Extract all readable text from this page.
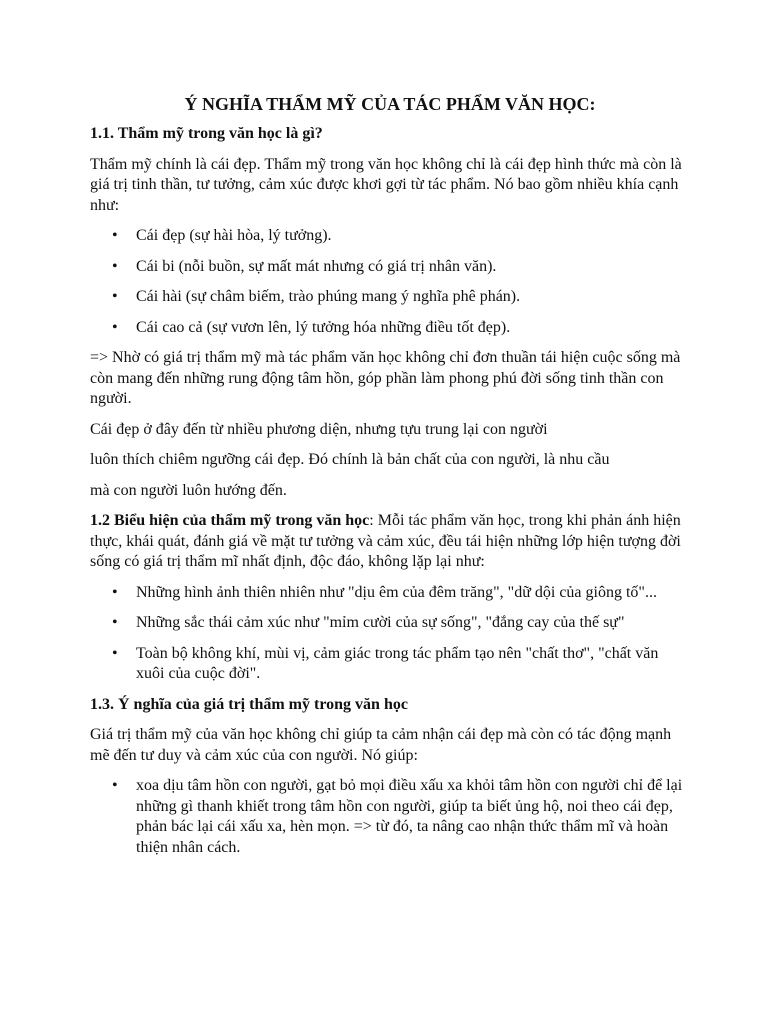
Ý NGHĨA THẨM MỸ CỦA TÁC PHẨM VĂN HỌC:

1.1. Thẩm mỹ trong văn học là gì?

Thẩm mỹ chính là cái đẹp. Thẩm mỹ trong văn học không chỉ là cái đẹp hình thức mà còn là giá trị tinh thần, tư tưởng, cảm xúc được khơi gợi từ tác phẩm. Nó bao gồm nhiều khía cạnh như:

• Cái đẹp (sự hài hòa, lý tưởng).
• Cái bi (nỗi buồn, sự mất mát nhưng có giá trị nhân văn).
• Cái hài (sự châm biếm, trào phúng mang ý nghĩa phê phán).
• Cái cao cả (sự vươn lên, lý tưởng hóa những điều tốt đẹp).

=> Nhờ có giá trị thẩm mỹ mà tác phẩm văn học không chỉ đơn thuần tái hiện cuộc sống mà còn mang đến những rung động tâm hồn, góp phần làm phong phú đời sống tinh thần con người.

Cái đẹp ở đây đến từ nhiều phương diện, nhưng tựu trung lại con người

luôn thích chiêm ngưỡng cái đẹp. Đó chính là bản chất của con người, là nhu cầu

mà con người luôn hướng đến.

1.2 Biểu hiện của thẩm mỹ trong văn học: Mỗi tác phẩm văn học, trong khi phản ánh hiện thực, khái quát, đánh giá về mặt tư tưởng và cảm xúc, đều tái hiện những lớp hiện tượng đời sống có giá trị thẩm mĩ nhất định, độc đáo, không lặp lại như:

• Những hình ảnh thiên nhiên như "dịu êm của đêm trăng", "dữ dội của giông tố"...
• Những sắc thái cảm xúc như "mỉm cười của sự sống", "đắng cay của thế sự"
• Toàn bộ không khí, mùi vị, cảm giác trong tác phẩm tạo nên "chất thơ", "chất văn xuôi của cuộc đời".

1.3. Ý nghĩa của giá trị thẩm mỹ trong văn học

Giá trị thẩm mỹ của văn học không chỉ giúp ta cảm nhận cái đẹp mà còn có tác động mạnh mẽ đến tư duy và cảm xúc của con người. Nó giúp:

• xoa dịu tâm hồn con người, gạt bỏ mọi điều xấu xa khỏi tâm hồn con người chỉ để lại những gì thanh khiết trong tâm hồn con người, giúp ta biết ủng hộ, noi theo cái đẹp, phản bác lại cái xấu xa, hèn mọn. => từ đó, ta nâng cao nhận thức thẩm mĩ và hoàn thiện nhân cách.
